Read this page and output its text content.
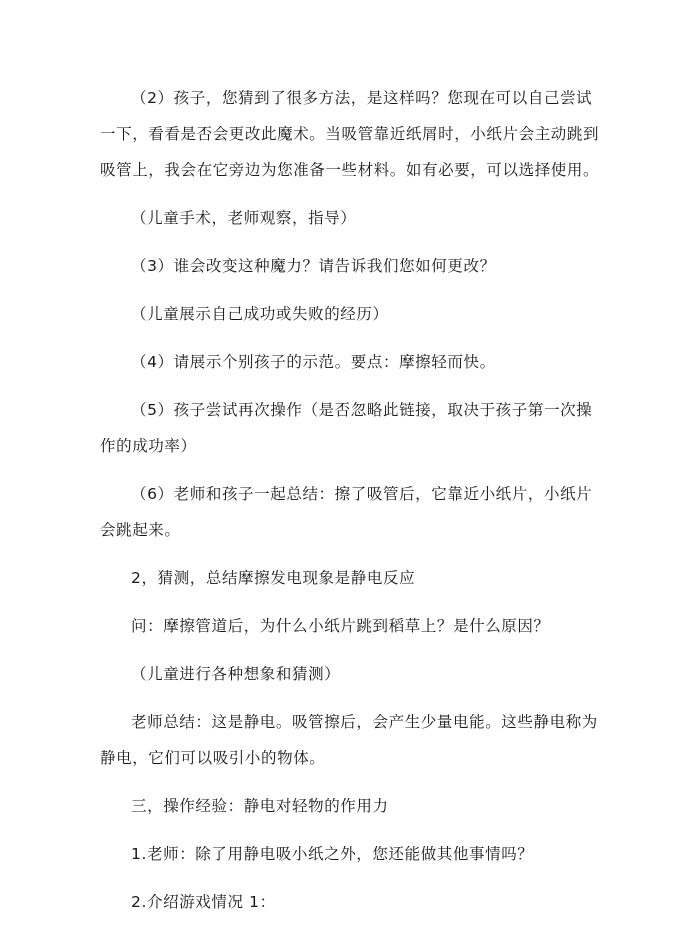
（2）孩子，您猜到了很多方法，是这样吗？您现在可以自己尝试
一下，看看是否会更改此魔术。当吸管靠近纸屑时，小纸片会主动跳到
吸管上，我会在它旁边为您准备一些材料。如有必要，可以选择使用。

（儿童手术，老师观察，指导）

（3）谁会改变这种魔力？请告诉我们您如何更改？

（儿童展示自己成功或失败的经历）

（4）请展示个别孩子的示范。要点：摩擦轻而快。

（5）孩子尝试再次操作（是否忽略此链接，取决于孩子第一次操
作的成功率）

（6）老师和孩子一起总结：擦了吸管后，它靠近小纸片，小纸片
会跳起来。

2，猜测，总结摩擦发电现象是静电反应

问：摩擦管道后，为什么小纸片跳到稻草上？是什么原因？

（儿童进行各种想象和猜测）

老师总结：这是静电。吸管擦后，会产生少量电能。这些静电称为
静电，它们可以吸引小的物体。

三，操作经验：静电对轻物的作用力

1.老师：除了用静电吸小纸之外，您还能做其他事情吗？

2.介绍游戏情况 1：
